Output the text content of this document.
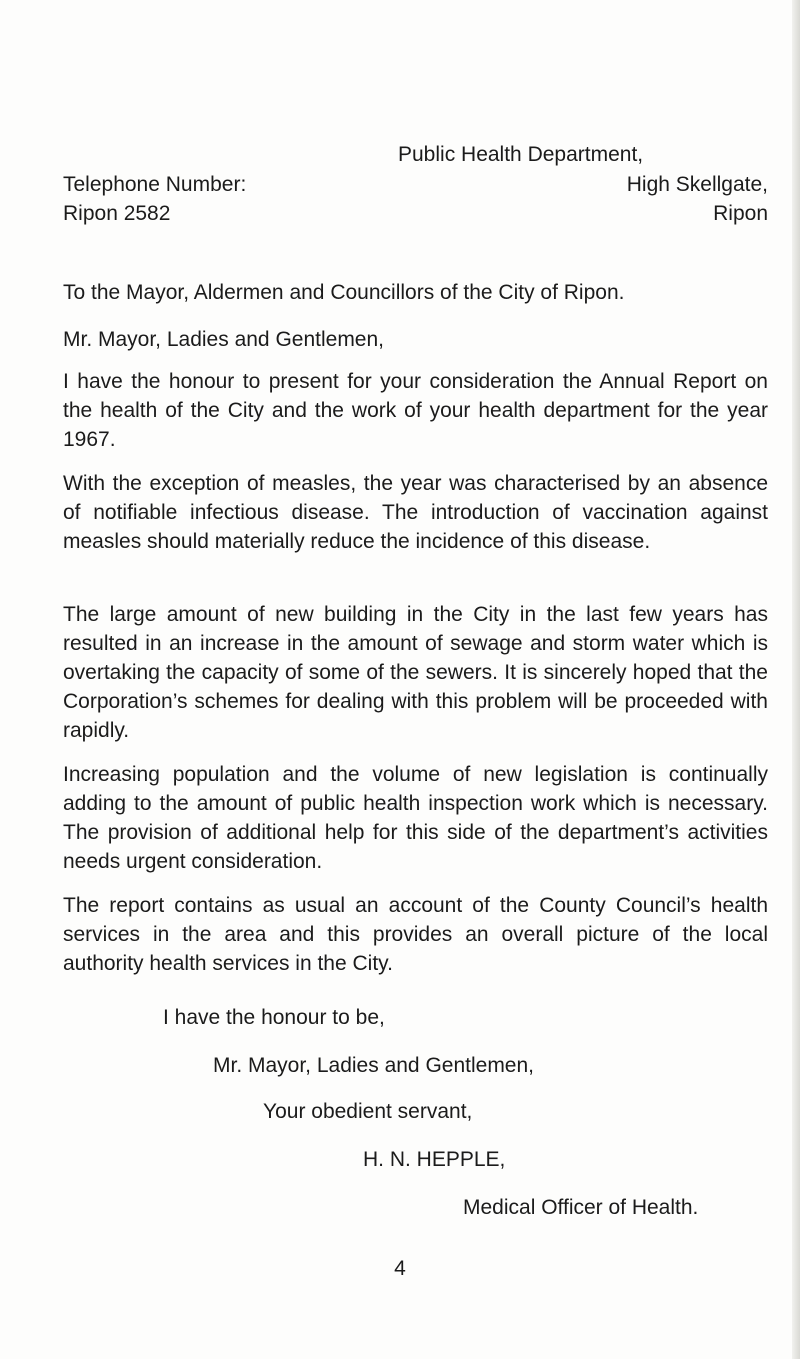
Public Health Department,
Telephone Number:	High Skellgate,
Ripon 2582	Ripon
To the Mayor, Aldermen and Councillors of the City of Ripon.
Mr. Mayor, Ladies and Gentlemen,

I have the honour to present for your consideration the Annual Report on the health of the City and the work of your health department for the year 1967.

With the exception of measles, the year was characterised by an absence of notifiable infectious disease. The introduction of vaccination against measles should materially reduce the incidence of this disease.

The large amount of new building in the City in the last few years has resulted in an increase in the amount of sewage and storm water which is overtaking the capacity of some of the sewers. It is sincerely hoped that the Corporation’s schemes for dealing with this problem will be proceeded with rapidly.

Increasing population and the volume of new legislation is continually adding to the amount of public health inspection work which is necessary. The provision of additional help for this side of the department’s activities needs urgent consideration.

The report contains as usual an account of the County Council’s health services in the area and this provides an overall picture of the local authority health services in the City.

I have the honour to be,
Mr. Mayor, Ladies and Gentlemen,
Your obedient servant,
H. N. HEPPLE,
Medical Officer of Health.
4
